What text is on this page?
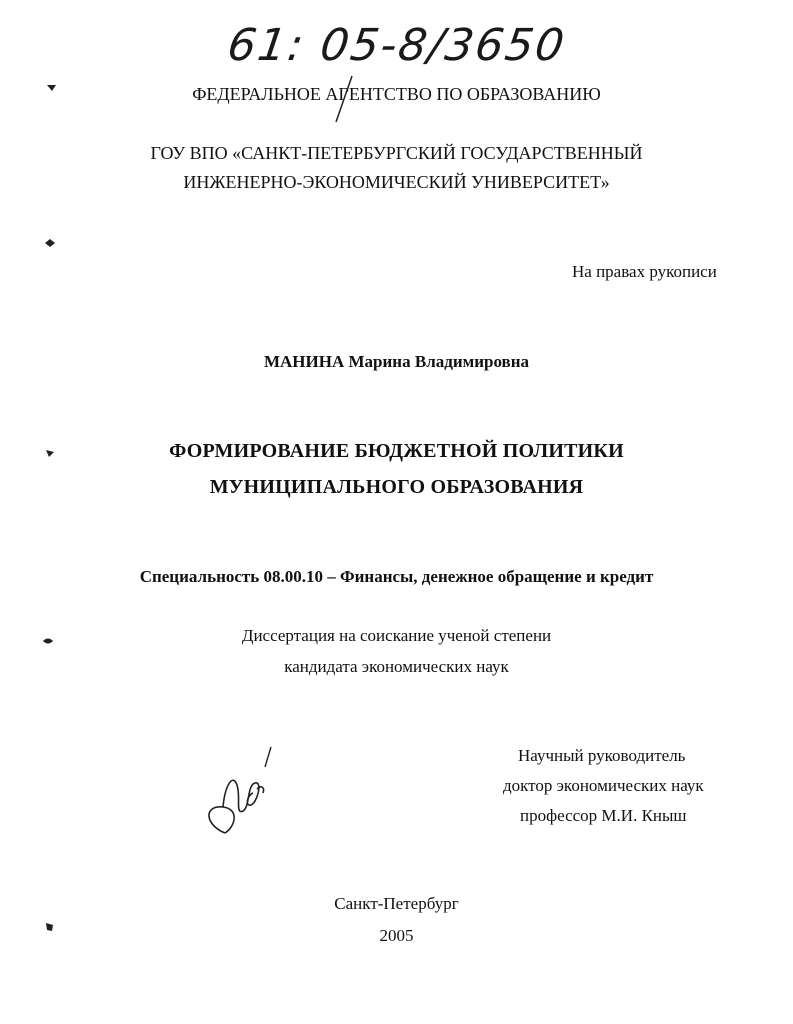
61: 05-8/3650
ФЕДЕРАЛЬНОЕ АГЕНТСТВО ПО ОБРАЗОВАНИЮ
ГОУ ВПО «САНКТ-ПЕТЕРБУРГСКИЙ ГОСУДАРСТВЕННЫЙ
ИНЖЕНЕРНО-ЭКОНОМИЧЕСКИЙ УНИВЕРСИТЕТ»
На правах рукописи
МАНИНА Марина Владимировна
ФОРМИРОВАНИЕ БЮДЖЕТНОЙ ПОЛИТИКИ
МУНИЦИПАЛЬНОГО ОБРАЗОВАНИЯ
Специальность 08.00.10 – Финансы, денежное обращение и кредит
Диссертация на соискание ученой степени
кандидата экономических наук
Научный руководитель
доктор экономических наук
профессор М.И. Кныш
Санкт-Петербург
2005
